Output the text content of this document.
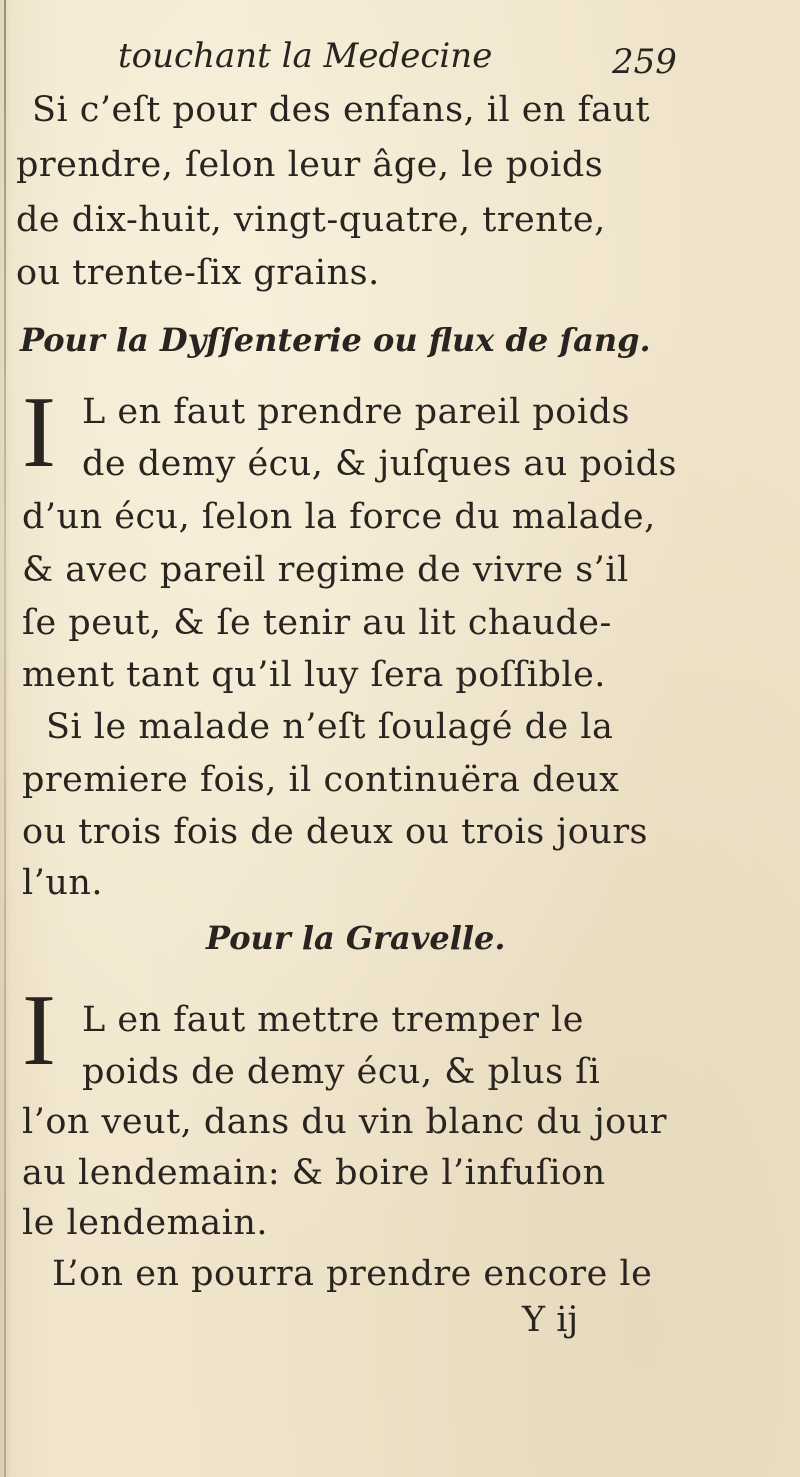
touchant la Medecine	259

Si c’eſt pour des enfans, il en faut

prendre, ſelon leur âge, le poids

de dix-huit, vingt-quatre, trente,

ou trente-ſix grains.

Pour la Dyſſenterie ou flux de ſang.
I L en faut prendre pareil poids

de demy écu, & juſques au poids

d’un écu, ſelon la force du malade,

& avec pareil regime de vivre s’il

ſe peut, & ſe tenir au lit chaude-

ment tant qu’il luy ſera poſſible.

Si le malade n’eſt ſoulagé de la

premiere fois, il continuëra deux

ou trois fois de deux ou trois jours

l’un.

Pour la Gravelle.
I L en faut mettre tremper le

poids de demy écu, & plus ſi

l’on veut, dans du vin blanc du jour

au lendemain: & boire l’infuſion

le lendemain.

L’on en pourra prendre encore le

Y ij
